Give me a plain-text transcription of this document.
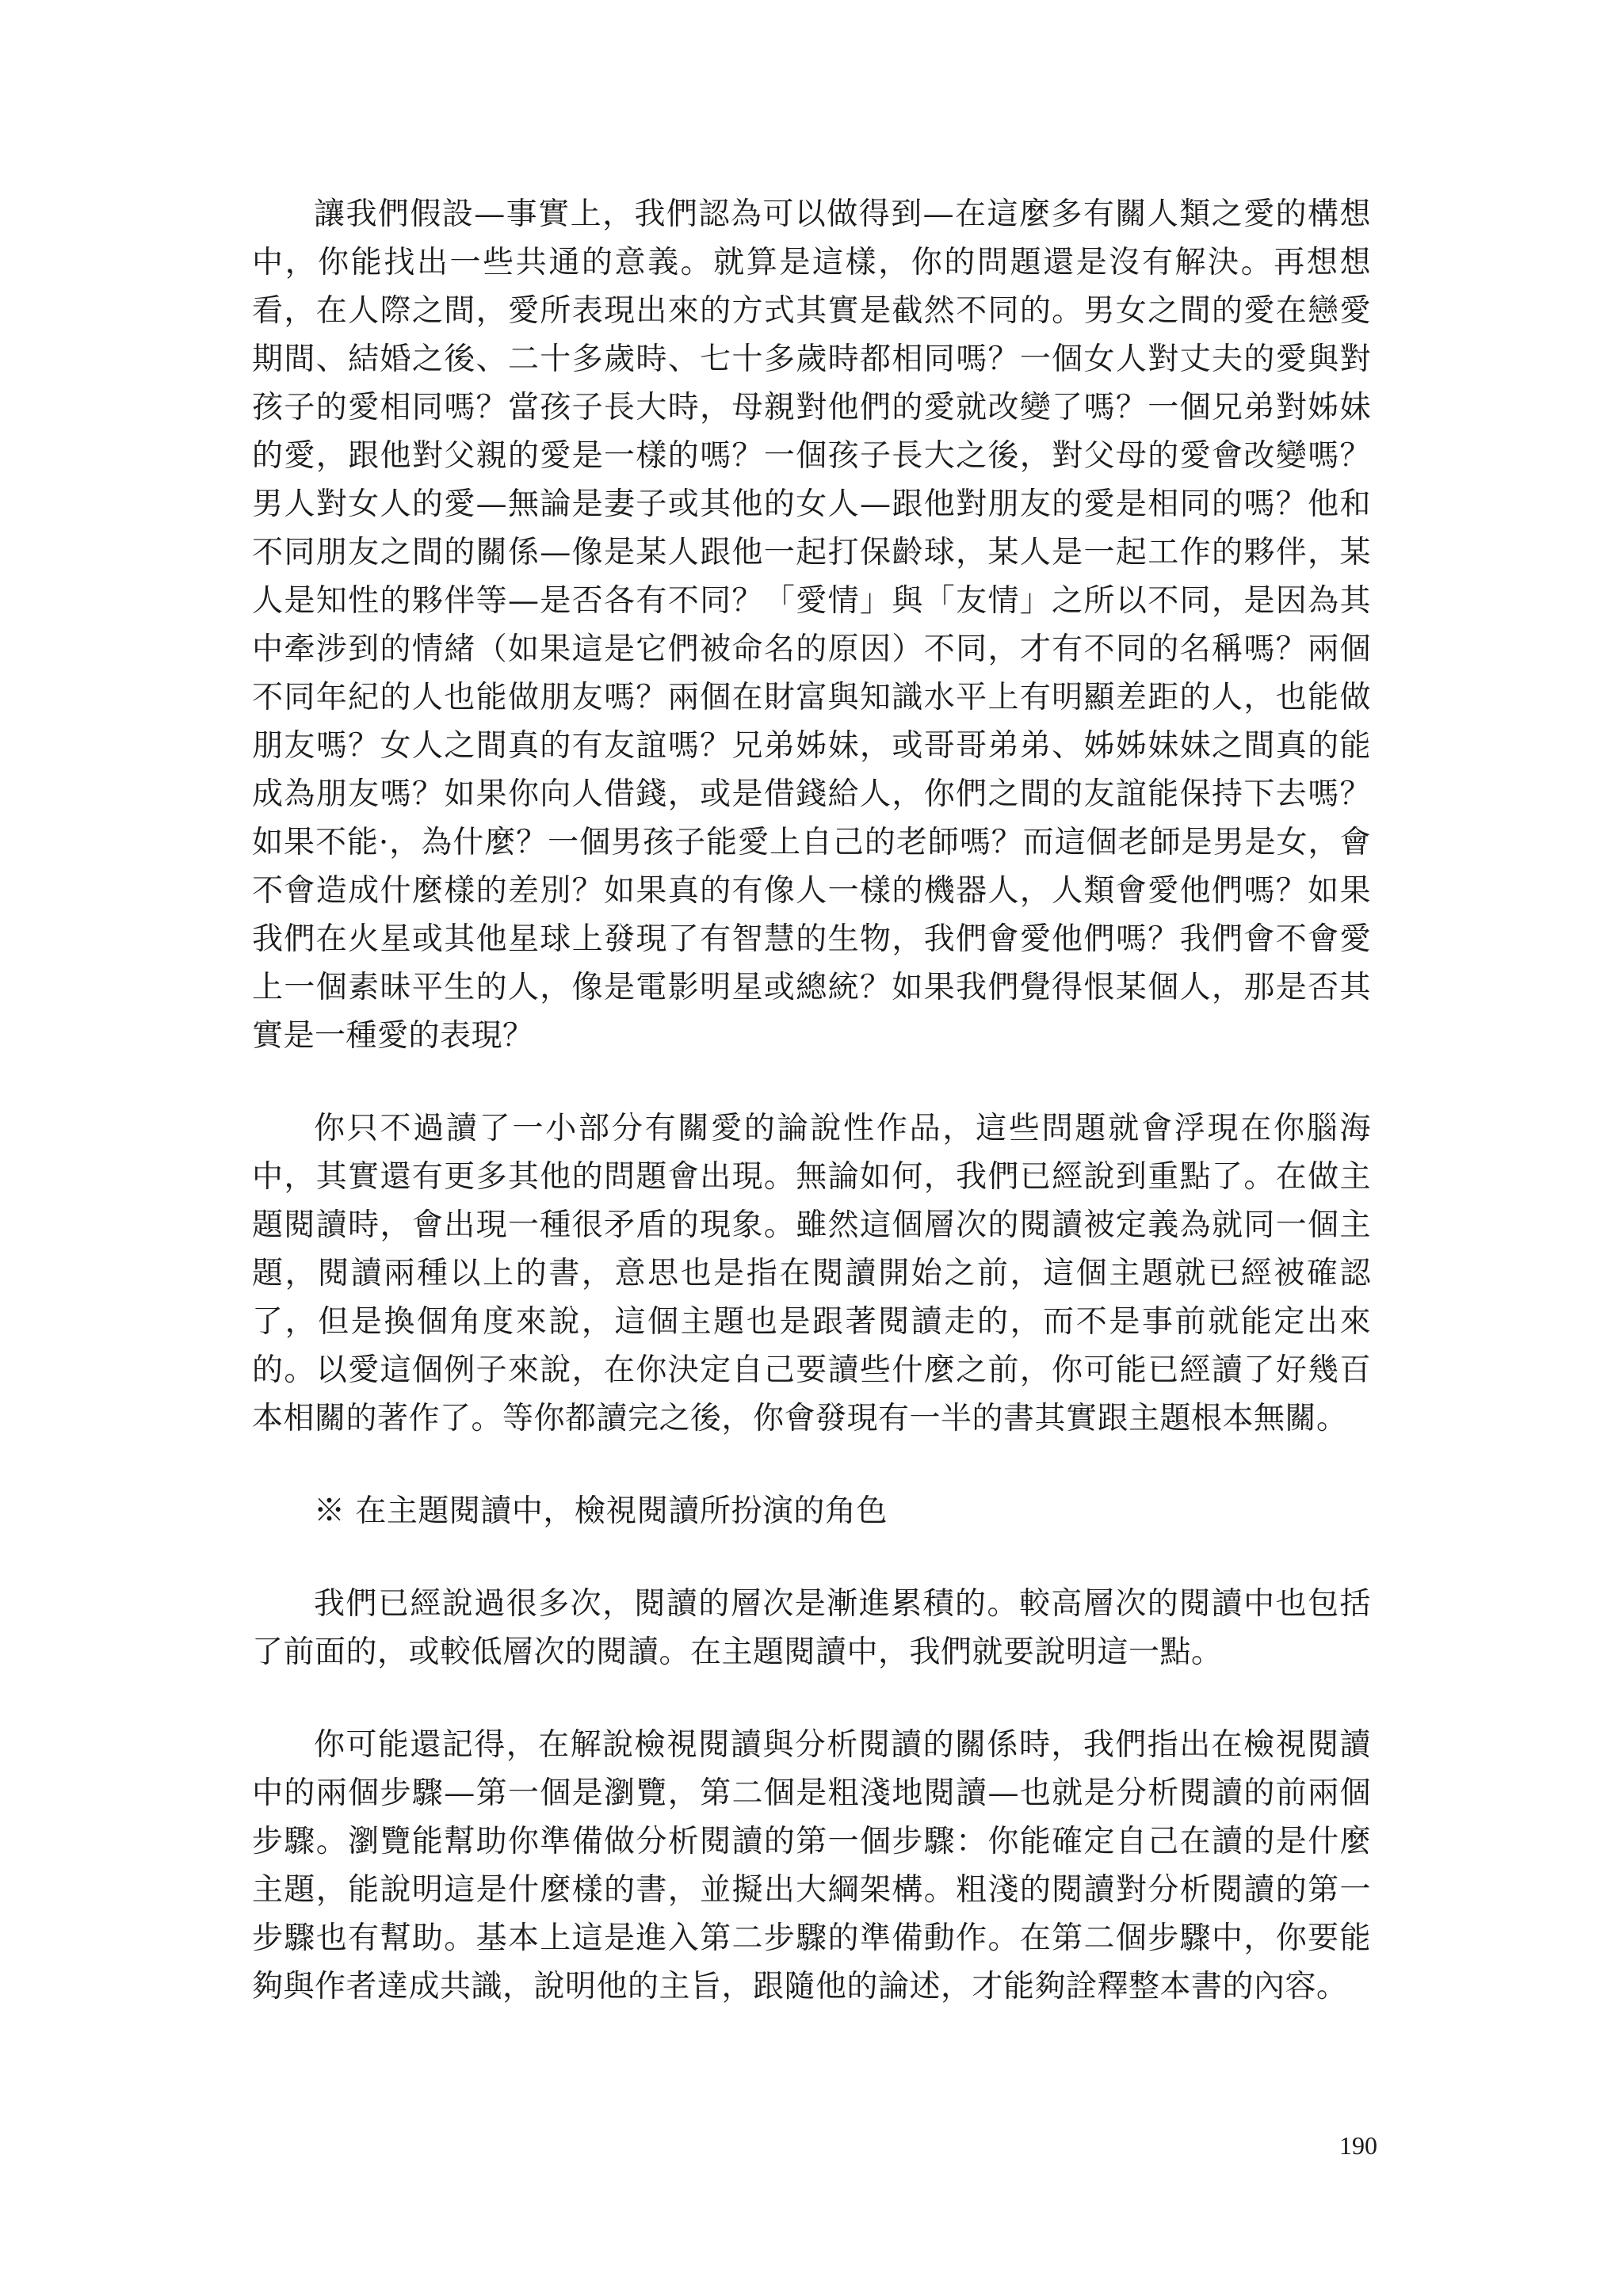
讓我們假設—事實上，我們認為可以做得到—在這麼多有關人類之愛的構想中，你能找出一些共通的意義。就算是這樣，你的問題還是沒有解決。再想想看，在人際之間，愛所表現出來的方式其實是截然不同的。男女之間的愛在戀愛期間、結婚之後、二十多歲時、七十多歲時都相同嗎？一個女人對丈夫的愛與對孩子的愛相同嗎？當孩子長大時，母親對他們的愛就改變了嗎？一個兄弟對姊妹的愛，跟他對父親的愛是一樣的嗎？一個孩子長大之後，對父母的愛會改變嗎？男人對女人的愛—無論是妻子或其他的女人—跟他對朋友的愛是相同的嗎？他和不同朋友之間的關係—像是某人跟他一起打保齡球，某人是一起工作的夥伴，某人是知性的夥伴等—是否各有不同？「愛情」與「友情」之所以不同，是因為其中牽涉到的情緒（如果這是它們被命名的原因）不同，才有不同的名稱嗎？兩個不同年紀的人也能做朋友嗎？兩個在財富與知識水平上有明顯差距的人，也能做朋友嗎？女人之間真的有友誼嗎？兄弟姊妹，或哥哥弟弟、姊姊妹妹之間真的能成為朋友嗎？如果你向人借錢，或是借錢給人，你們之間的友誼能保持下去嗎？如果不能·，為什麼？一個男孩子能愛上自己的老師嗎？而這個老師是男是女，會不會造成什麼樣的差別？如果真的有像人一樣的機器人，人類會愛他們嗎？如果我們在火星或其他星球上發現了有智慧的生物，我們會愛他們嗎？我們會不會愛上一個素昧平生的人，像是電影明星或總統？如果我們覺得恨某個人，那是否其實是一種愛的表現？

你只不過讀了一小部分有關愛的論說性作品，這些問題就會浮現在你腦海中，其實還有更多其他的問題會出現。無論如何，我們已經說到重點了。在做主題閱讀時，會出現一種很矛盾的現象。雖然這個層次的閱讀被定義為就同一個主題，閱讀兩種以上的書，意思也是指在閱讀開始之前，這個主題就已經被確認了，但是換個角度來說，這個主題也是跟著閱讀走的，而不是事前就能定出來的。以愛這個例子來說，在你決定自己要讀些什麼之前，你可能已經讀了好幾百本相關的著作了。等你都讀完之後，你會發現有一半的書其實跟主題根本無關。

※ 在主題閱讀中，檢視閱讀所扮演的角色

我們已經說過很多次，閱讀的層次是漸進累積的。較高層次的閱讀中也包括了前面的，或較低層次的閱讀。在主題閱讀中，我們就要說明這一點。

你可能還記得，在解說檢視閱讀與分析閱讀的關係時，我們指出在檢視閱讀中的兩個步驟—第一個是瀏覽，第二個是粗淺地閱讀—也就是分析閱讀的前兩個步驟。瀏覽能幫助你準備做分析閱讀的第一個步驟：你能確定自己在讀的是什麼主題，能說明這是什麼樣的書，並擬出大綱架構。粗淺的閱讀對分析閱讀的第一步驟也有幫助。基本上這是進入第二步驟的準備動作。在第二個步驟中，你要能夠與作者達成共識，說明他的主旨，跟隨他的論述，才能夠詮釋整本書的內容。

190
